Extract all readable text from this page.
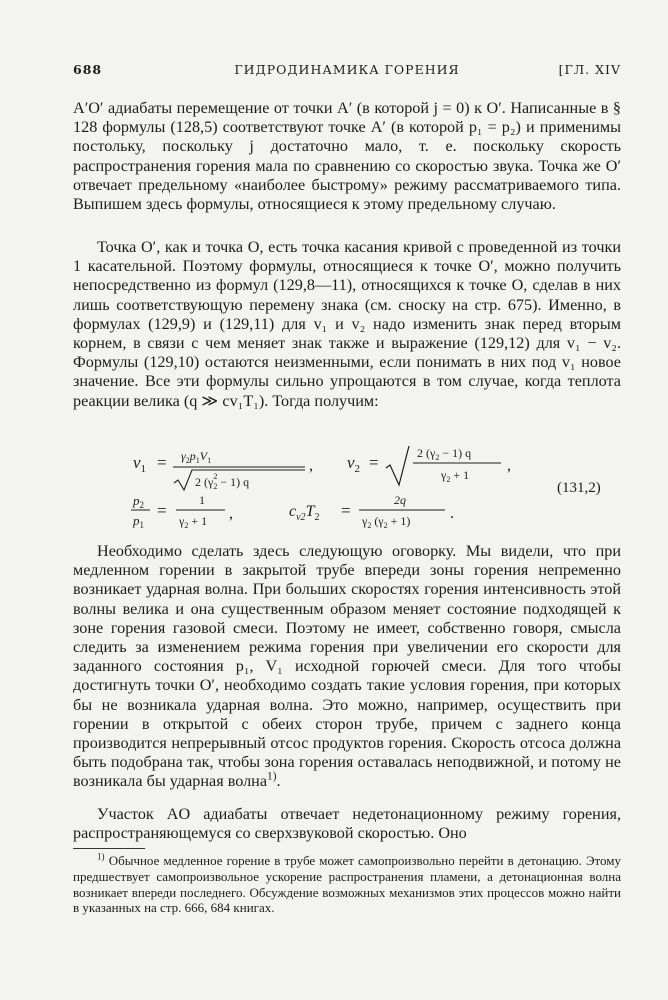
688	ГИДРОДИНАМИКА ГОРЕНИЯ	[ГЛ. XIV

A′O′ адиабаты перемещение от точки A′ (в которой j = 0) к O′. Написанные в § 128 формулы (128,5) соответствуют точке A′ (в которой p₁ = p₂) и применимы постольку, поскольку j достаточно мало, т. е. поскольку скорость распространения горения мала по сравнению со скоростью звука. Точка же O′ отвечает предельному «наиболее быстрому» режиму рассматриваемого типа. Выпишем здесь формулы, относящиеся к этому предельному случаю.

Точка O′, как и точка O, есть точка касания кривой с проведенной из точки 1 касательной. Поэтому формулы, относящиеся к точке O′, можно получить непосредственно из формул (129,8—11), относящихся к точке O, сделав в них лишь соответствующую перемену знака (см. сноску на стр. 675). Именно, в формулах (129,9) и (129,11) для v₁ и v₂ надо изменить знак перед вторым корнем, в связи с чем меняет знак также и выражение (129,12) для v₁ − v₂. Формулы (129,10) остаются неизменными, если понимать в них под v₁ новое значение. Все эти формулы сильно упрощаются в том случае, когда теплота реакции велика (q ≫ cv₁T₁). Тогда получим:

$v_1 = \gamma_2p_1V_1$
2 $(\gamma_22 - 1)$ q
, $v_2$ =	2 $(\gamma_2 - 1)$ q
$\gamma_2 + 1$
,
$p_2$
$p_1$
=
1
$\gamma_2 + 1$ ,	$c_{v2}T_2$ =
2q
$\gamma_2$ $(\gamma_2 + 1)$ .
(131,2)

Необходимо сделать здесь следующую оговорку. Мы видели, что при медленном горении в закрытой трубе впереди зоны горения непременно возникает ударная волна. При больших скоростях горения интенсивность этой волны велика и она существенным образом меняет состояние подходящей к зоне горения газовой смеси. Поэтому не имеет, собственно говоря, смысла следить за изменением режима горения при увеличении его скорости для заданного состояния p₁, V₁ исходной горючей смеси. Для того чтобы достигнуть точки O′, необходимо создать такие условия горения, при которых бы не возникала ударная волна. Это можно, например, осуществить при горении в открытой с обеих сторон трубе, причем с заднего конца производится непрерывный отсос продуктов горения. Скорость отсоса должна быть подобрана так, чтобы зона горения оставалась неподвижной, и потому не возникала бы ударная волна$^{1)}$.

Участок AO адиабаты отвечает недетонационному режиму горения, распространяющемуся со сверхзвуковой скоростью. Оно

$^{1)}$ Обычное медленное горение в трубе может самопроизвольно перейти в детонацию. Этому предшествует самопроизвольное ускорение распространения пламени, а детонационная волна возникает впереди последнего. Обсуждение возможных механизмов этих процессов можно найти в указанных на стр. 666, 684 книгах.
